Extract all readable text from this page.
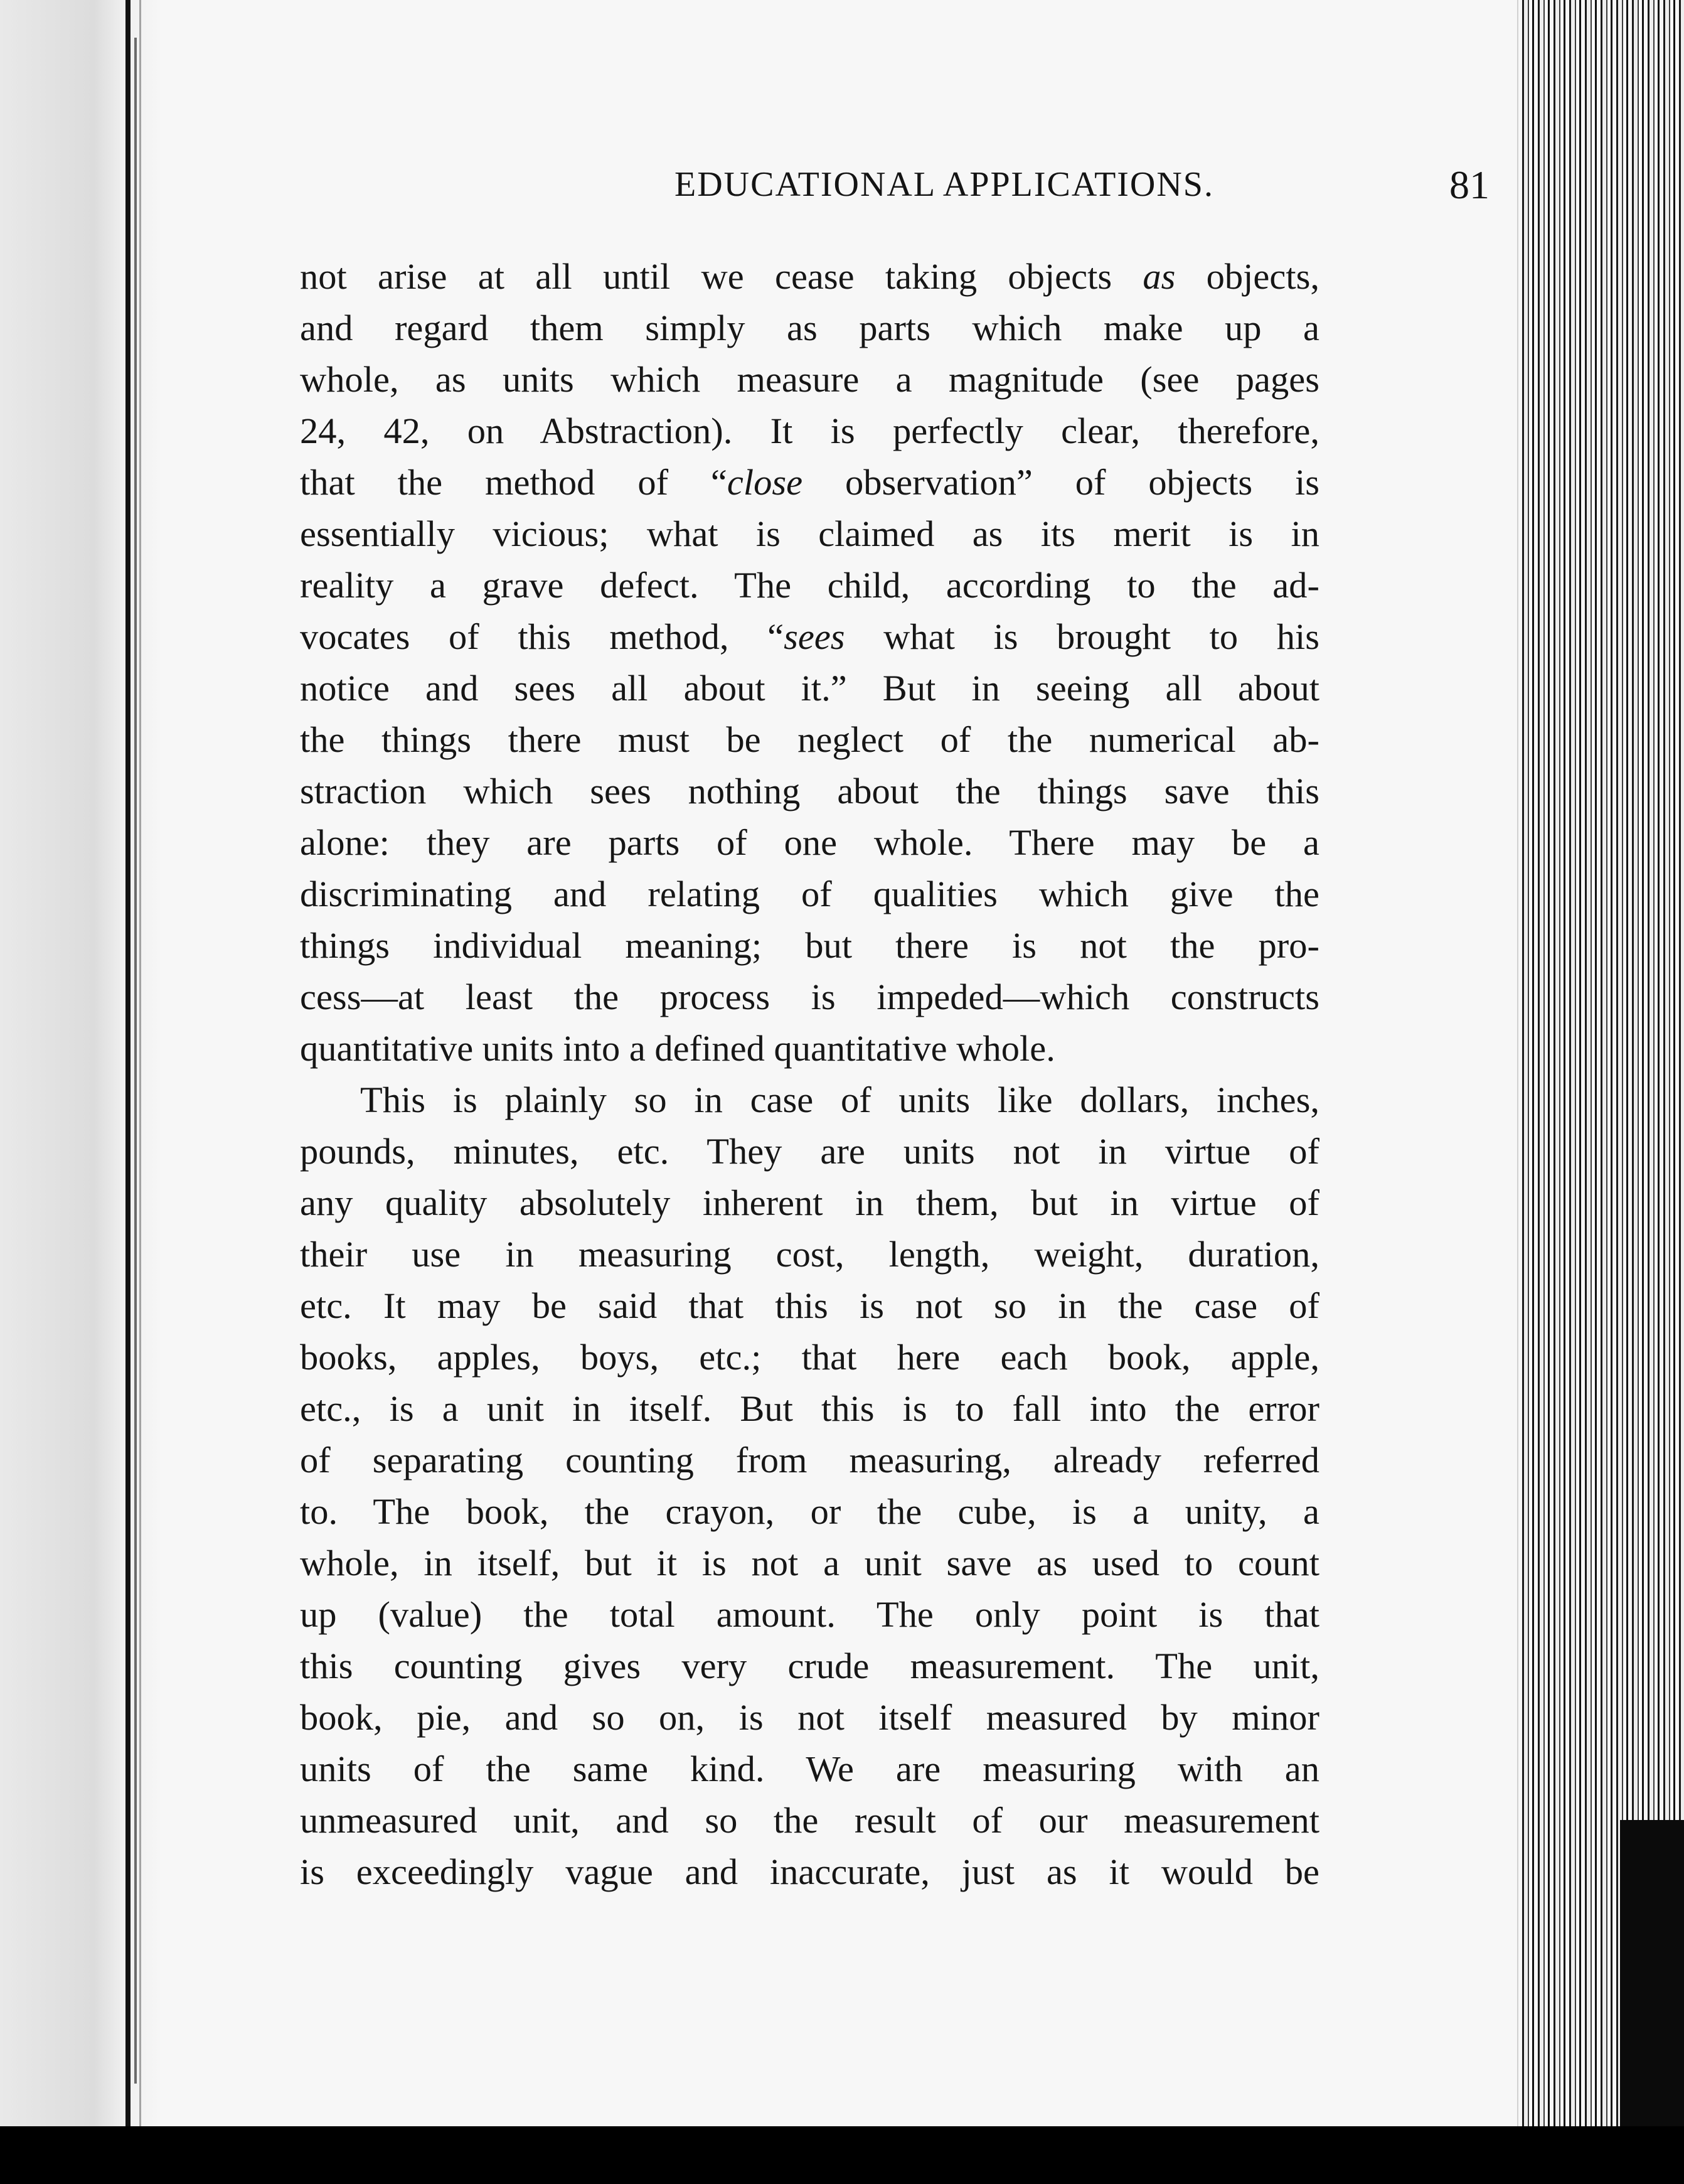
EDUCATIONAL APPLICATIONS.	81
not arise at all until we cease taking objects as objects,
and regard them simply as parts which make up a
whole, as units which measure a magnitude (see pages
24, 42, on Abstraction). It is perfectly clear, therefore,
that the method of “close observation” of objects is
essentially vicious; what is claimed as its merit is in
reality a grave defect. The child, according to the ad-
vocates of this method, “sees what is brought to his
notice and sees all about it.” But in seeing all about
the things there must be neglect of the numerical ab-
straction which sees nothing about the things save this
alone: they are parts of one whole. There may be a
discriminating and relating of qualities which give the
things individual meaning; but there is not the pro-
cess—at least the process is impeded—which constructs
quantitative units into a defined quantitative whole.
This is plainly so in case of units like dollars, inches,
pounds, minutes, etc. They are units not in virtue of
any quality absolutely inherent in them, but in virtue of
their use in measuring cost, length, weight, duration,
etc. It may be said that this is not so in the case of
books, apples, boys, etc.; that here each book, apple,
etc., is a unit in itself. But this is to fall into the error
of separating counting from measuring, already referred
to. The book, the crayon, or the cube, is a unity, a
whole, in itself, but it is not a unit save as used to count
up (value) the total amount. The only point is that
this counting gives very crude measurement. The unit,
book, pie, and so on, is not itself measured by minor
units of the same kind. We are measuring with an
unmeasured unit, and so the result of our measurement
is exceedingly vague and inaccurate, just as it would be
